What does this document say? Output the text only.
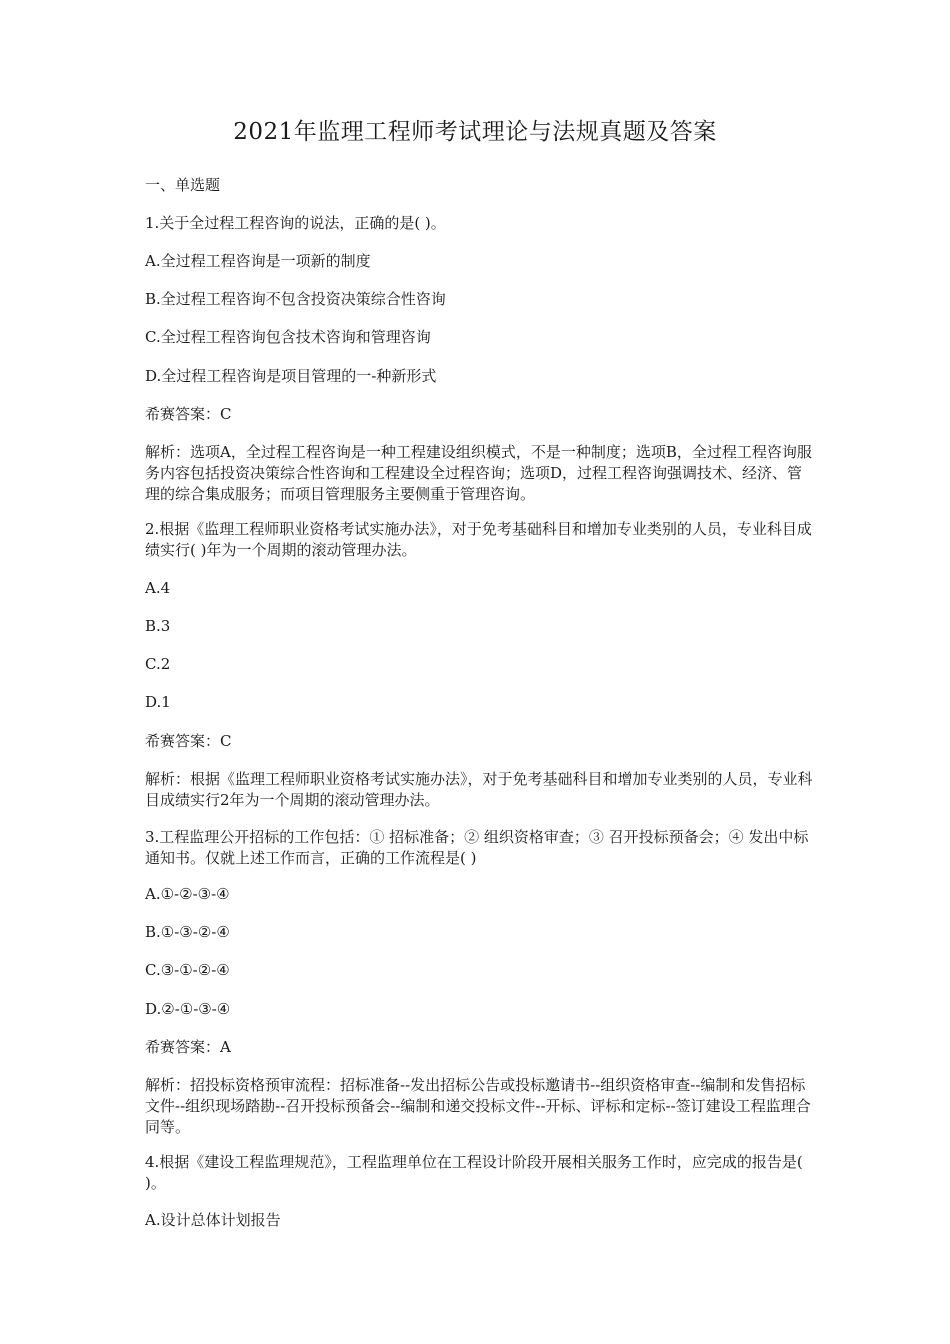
2021年监理工程师考试理论与法规真题及答案

一、单选题

1.关于全过程工程咨询的说法，正确的是( )。

A.全过程工程咨询是一项新的制度

B.全过程工程咨询不包含投资决策综合性咨询

C.全过程工程咨询包含技术咨询和管理咨询

D.全过程工程咨询是项目管理的一-种新形式

希赛答案：C

解析：选项A，全过程工程咨询是一种工程建设组织模式，不是一种制度；选项B，全过程工程咨询服务内容包括投资决策综合性咨询和工程建设全过程咨询；选项D，过程工程咨询强调技术、经济、管理的综合集成服务；而项目管理服务主要侧重于管理咨询。

2.根据《监理工程师职业资格考试实施办法》，对于免考基础科目和增加专业类别的人员，专业科目成绩实行( )年为一个周期的滚动管理办法。

A.4

B.3

C.2

D.1

希赛答案：C

解析：根据《监理工程师职业资格考试实施办法》，对于免考基础科目和增加专业类别的人员，专业科目成绩实行2年为一个周期的滚动管理办法。

3.工程监理公开招标的工作包括：① 招标准备；② 组织资格审查；③ 召开投标预备会；④ 发出中标通知书。仅就上述工作而言，正确的工作流程是( )

A.①-②-③-④

B.①-③-②-④

C.③-①-②-④

D.②-①-③-④

希赛答案：A

解析：招投标资格预审流程：招标准备--发出招标公告或投标邀请书--组织资格审查--编制和发售招标文件--组织现场踏勘--召开投标预备会--编制和递交投标文件--开标、评标和定标--签订建设工程监理合同等。

4.根据《建设工程监理规范》，工程监理单位在工程设计阶段开展相关服务工作时，应完成的报告是( )。

A.设计总体计划报告
